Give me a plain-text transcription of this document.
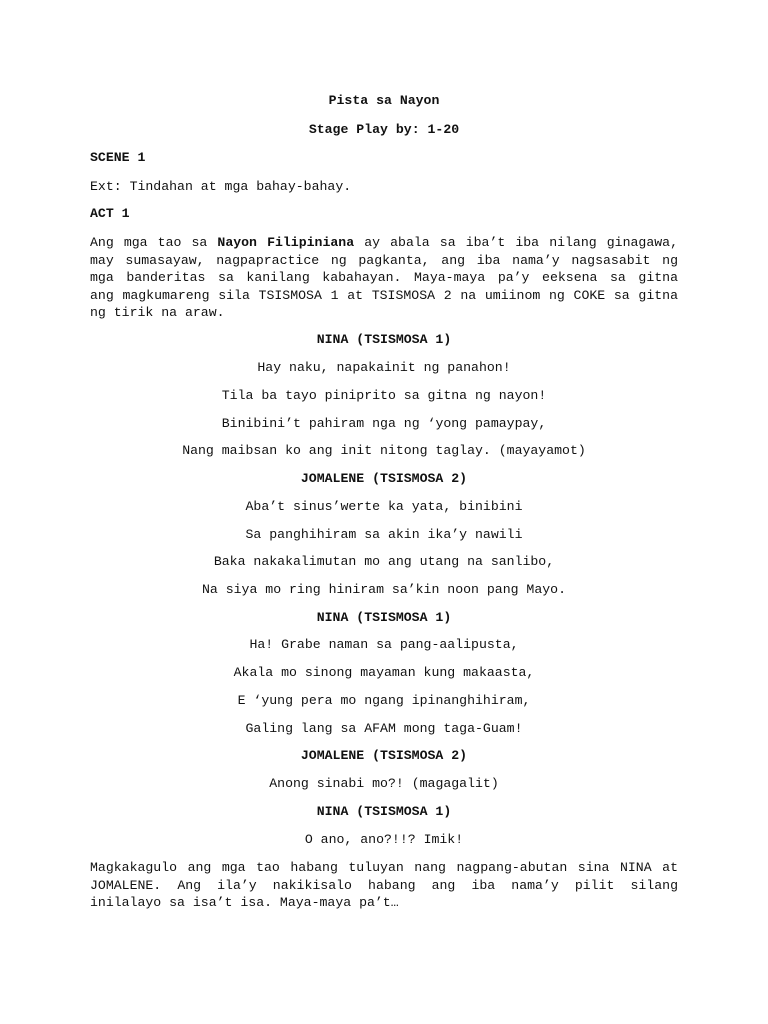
Pista sa Nayon
Stage Play by: 1-20
SCENE 1
Ext: Tindahan at mga bahay-bahay.
ACT 1
Ang mga tao sa Nayon Filipiniana ay abala sa iba’t iba nilang ginagawa,
may sumasayaw, nagpapractice ng pagkanta, ang iba nama’y nagsasabit ng
mga banderitas sa kanilang kabahayan. Maya-maya pa’y eeksena sa gitna
ang magkumareng sila TSISMOSA 1 at TSISMOSA 2 na umiinom ng COKE sa gitna
ng tirik na araw.
NINA (TSISMOSA 1)
Hay naku, napakainit ng panahon!
Tila ba tayo piniprito sa gitna ng nayon!
Binibini’t pahiram nga ng ‘yong pamaypay,
Nang maibsan ko ang init nitong taglay. (mayayamot)
JOMALENE (TSISMOSA 2)
Aba’t sinus’werte ka yata, binibini
Sa panghihiram sa akin ika’y nawili
Baka nakakalimutan mo ang utang na sanlibo,
Na siya mo ring hiniram sa’kin noon pang Mayo.
NINA (TSISMOSA 1)
Ha! Grabe naman sa pang-aalipusta,
Akala mo sinong mayaman kung makaasta,
E ‘yung pera mo ngang ipinanghihiram,
Galing lang sa AFAM mong taga-Guam!
JOMALENE (TSISMOSA 2)
Anong sinabi mo?! (magagalit)
NINA (TSISMOSA 1)
O ano, ano?!!? Imik!
Magkakagulo ang mga tao habang tuluyan nang nagpang-abutan sina NINA at
JOMALENE. Ang ila’y nakikisalo habang ang iba nama’y pilit silang
inilalayo sa isa’t isa. Maya-maya pa’t…
